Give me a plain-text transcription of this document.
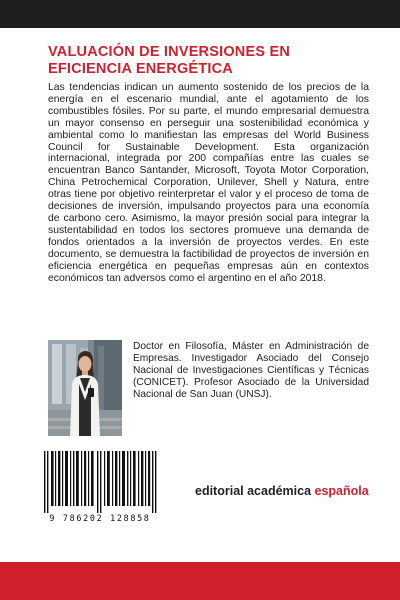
VALUACIÓN DE INVERSIONES EN
EFICIENCIA ENERGÉTICA

Las tendencias indican un aumento sostenido de los precios de la energía en el escenario mundial, ante el agotamiento de los combustibles fósiles. Por su parte, el mundo empresarial demuestra un mayor consenso en perseguir una sostenibilidad económica y ambiental como lo manifiestan las empresas del World Business Council for Sustainable Development. Esta organización internacional, integrada por 200 compañías entre las cuales se encuentran Banco Santander, Microsoft, Toyota Motor Corporation, China Petrochemical Corporation, Unilever, Shell y Natura, entre otras tiene por objetivo reinterpretar el valor y el proceso de toma de decisiones de inversión, impulsando proyectos para una economía de carbono cero. Asimismo, la mayor presión social para integrar la sustentabilidad en todos los sectores promueve una demanda de fondos orientados a la inversión de proyectos verdes. En este documento, se demuestra la factibilidad de proyectos de inversión en eficiencia energética en pequeñas empresas aún en contextos económicos tan adversos como el argentino en el año 2018.

Doctor en Filosofía, Máster en Administración de Empresas. Investigador Asociado del Consejo Nacional de Investigaciones Científicas y Técnicas (CONICET). Profesor Asociado de la Universidad Nacional de San Juan (UNSJ).

9 786202 128858
editorial académica española
